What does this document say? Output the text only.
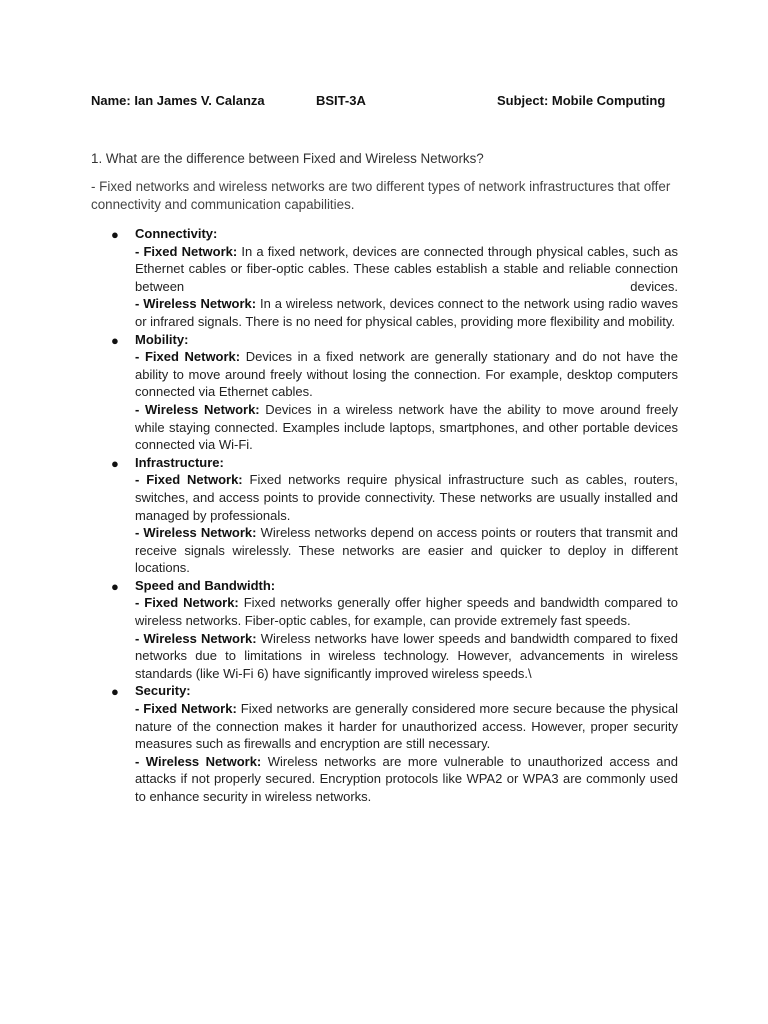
Name: Ian James V. Calanza	BSIT-3A	Subject: Mobile Computing
1. What are the difference between Fixed and Wireless Networks?
- Fixed networks and wireless networks are two different types of network infrastructures that offer connectivity and communication capabilities.
● Connectivity:
- Fixed Network: In a fixed network, devices are connected through physical cables, such as Ethernet cables or fiber-optic cables. These cables establish a stable and reliable connection between devices.
- Wireless Network: In a wireless network, devices connect to the network using radio waves or infrared signals. There is no need for physical cables, providing more flexibility and mobility.
● Mobility:
- Fixed Network: Devices in a fixed network are generally stationary and do not have the ability to move around freely without losing the connection. For example, desktop computers connected via Ethernet cables.
- Wireless Network: Devices in a wireless network have the ability to move around freely while staying connected. Examples include laptops, smartphones, and other portable devices connected via Wi-Fi.
● Infrastructure:
- Fixed Network: Fixed networks require physical infrastructure such as cables, routers, switches, and access points to provide connectivity. These networks are usually installed and managed by professionals.
- Wireless Network: Wireless networks depend on access points or routers that transmit and receive signals wirelessly. These networks are easier and quicker to deploy in different locations.
● Speed and Bandwidth:
- Fixed Network: Fixed networks generally offer higher speeds and bandwidth compared to wireless networks. Fiber-optic cables, for example, can provide extremely fast speeds.
- Wireless Network: Wireless networks have lower speeds and bandwidth compared to fixed networks due to limitations in wireless technology. However, advancements in wireless standards (like Wi-Fi 6) have significantly improved wireless speeds.\
● Security:
- Fixed Network: Fixed networks are generally considered more secure because the physical nature of the connection makes it harder for unauthorized access. However, proper security measures such as firewalls and encryption are still necessary.
- Wireless Network: Wireless networks are more vulnerable to unauthorized access and attacks if not properly secured. Encryption protocols like WPA2 or WPA3 are commonly used to enhance security in wireless networks.
